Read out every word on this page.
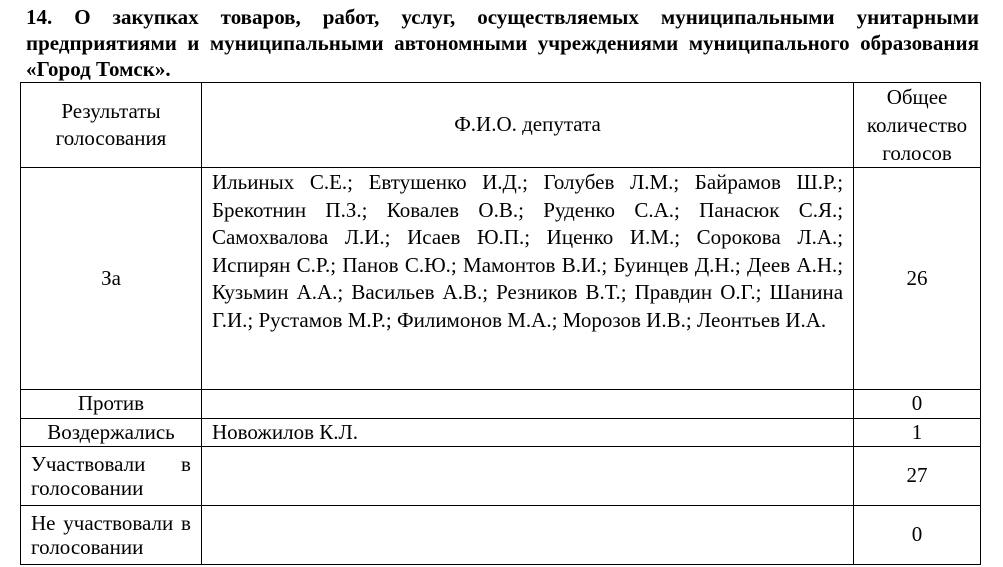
14. О закупках товаров, работ, услуг, осуществляемых муниципальными унитарными предприятиями и муниципальными автономными учреждениями муниципального образования «Город Томск».
Результаты голосования	Ф.И.О. депутата	Общее количество голосов
За	Ильиных С.Е.; Евтушенко И.Д.; Голубев Л.М.; Байрамов Ш.Р.; Брекотнин П.З.; Ковалев О.В.; Руденко С.А.; Панасюк С.Я.; Самохвалова Л.И.; Исаев Ю.П.; Иценко И.М.; Сорокова Л.А.; Испирян С.Р.; Панов С.Ю.; Мамонтов В.И.; Буинцев Д.Н.; Деев А.Н.; Кузьмин А.А.; Васильев А.В.; Резников В.Т.; Правдин О.Г.; Шанина Г.И.; Рустамов М.Р.; Филимонов М.А.; Морозов И.В.; Леонтьев И.А.	26
Против		0
Воздержались	Новожилов К.Л.	1
Участвовали в голосовании		27
Не участвовали в голосовании		0
